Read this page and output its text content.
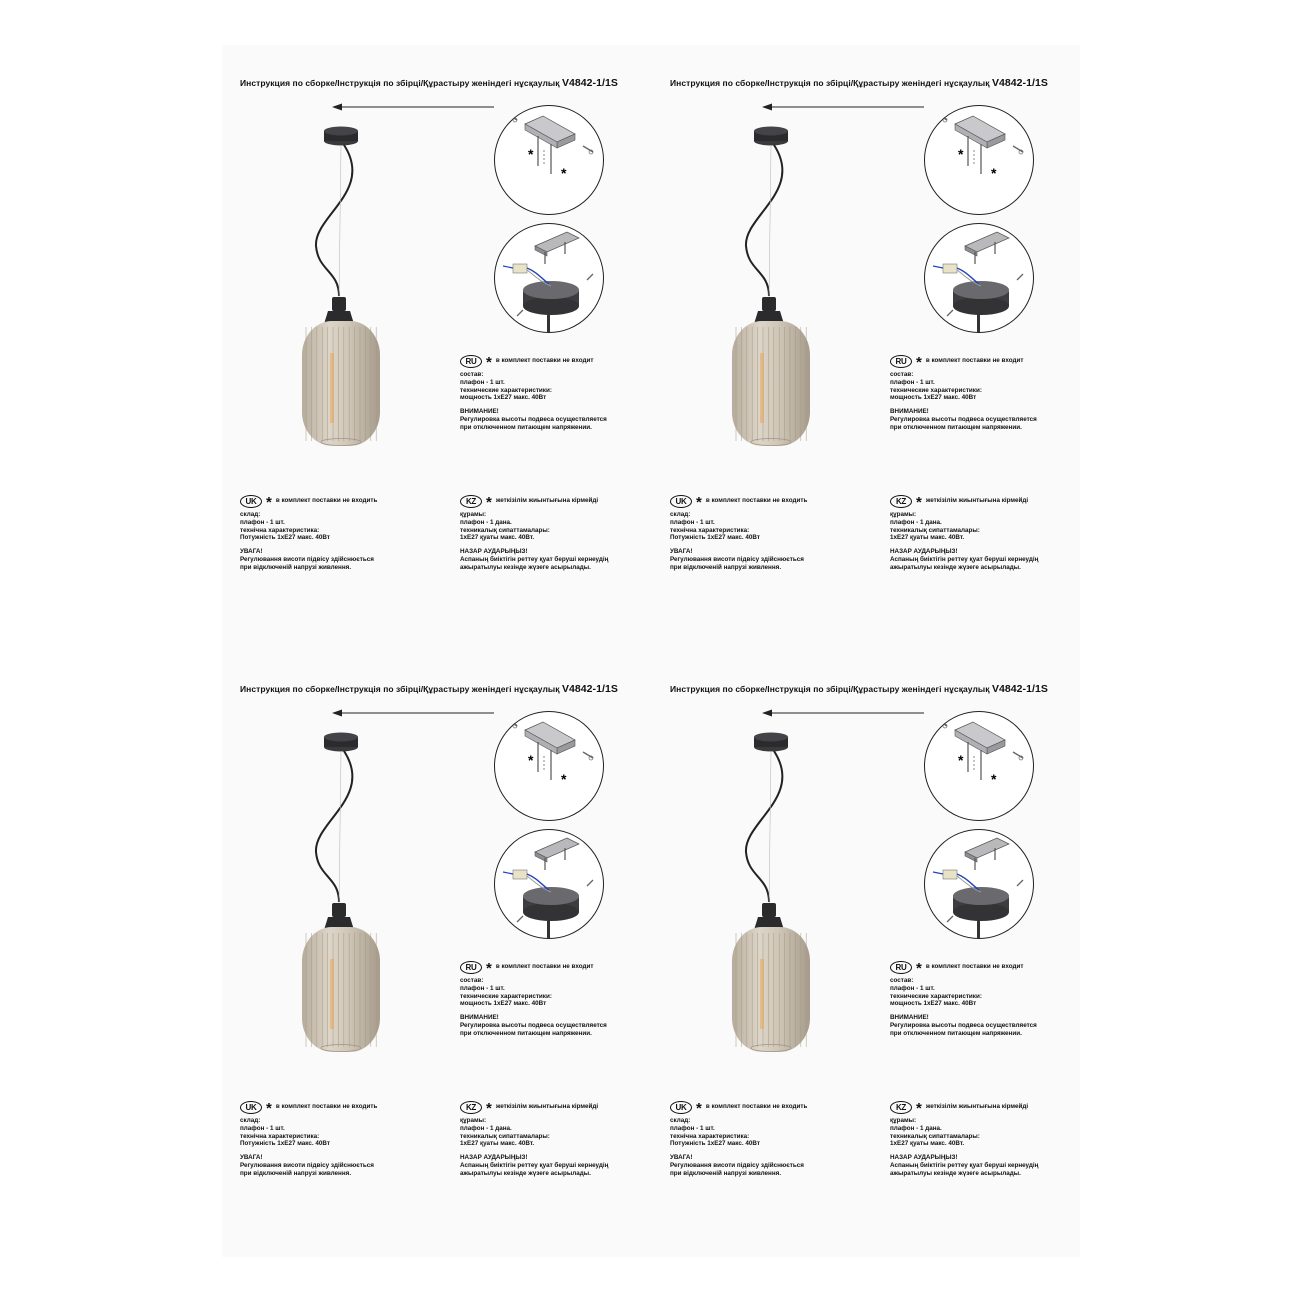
Инструкция по сборке/Інструкція по збірці/Құрастыру женіндегі нұсқаулық V4842-1/1S
*
*
RU * в комплект поставки не входит
состав:
плафон - 1 шт.
технические характеристики:
мощность 1хЕ27 макс. 40Вт
ВНИМАНИЕ!
Регулировка высоты подвеса осуществляется
при отключенном питающем напряжении.
UK * в комплект поставки не входить
склад:
плафон - 1 шт.
технічна характеристика:
Потужність 1хЕ27 макс. 40Вт
УВАГА!
Регулювання висоти підвісу здійснюється
при відключеній напрузі живлення.
KZ * жеткізілім жиынтығына кірмейді
құрамы:
плафон - 1 дана.
техникалық сипаттамалары:
1хЕ27 қуаты макс. 40Вт.
НАЗАР АУДАРЫҢЫЗ!
Аспаның биіктігін реттеу қуат беруші кернеудің
ажыратылуы кезінде жүзеге асырылады.
Инструкция по сборке/Інструкція по збірці/Құрастыру женіндегі нұсқаулық V4842-1/1S
*
*
RU * в комплект поставки не входит
состав:
плафон - 1 шт.
технические характеристики:
мощность 1хЕ27 макс. 40Вт
ВНИМАНИЕ!
Регулировка высоты подвеса осуществляется
при отключенном питающем напряжении.
UK * в комплект поставки не входить
склад:
плафон - 1 шт.
технічна характеристика:
Потужність 1хЕ27 макс. 40Вт
УВАГА!
Регулювання висоти підвісу здійснюється
при відключеній напрузі живлення.
KZ * жеткізілім жиынтығына кірмейді
құрамы:
плафон - 1 дана.
техникалық сипаттамалары:
1хЕ27 қуаты макс. 40Вт.
НАЗАР АУДАРЫҢЫЗ!
Аспаның биіктігін реттеу қуат беруші кернеудің
ажыратылуы кезінде жүзеге асырылады.
Инструкция по сборке/Інструкція по збірці/Құрастыру женіндегі нұсқаулық V4842-1/1S
*
*
RU * в комплект поставки не входит
состав:
плафон - 1 шт.
технические характеристики:
мощность 1хЕ27 макс. 40Вт
ВНИМАНИЕ!
Регулировка высоты подвеса осуществляется
при отключенном питающем напряжении.
UK * в комплект поставки не входить
склад:
плафон - 1 шт.
технічна характеристика:
Потужність 1хЕ27 макс. 40Вт
УВАГА!
Регулювання висоти підвісу здійснюється
при відключеній напрузі живлення.
KZ * жеткізілім жиынтығына кірмейді
құрамы:
плафон - 1 дана.
техникалық сипаттамалары:
1хЕ27 қуаты макс. 40Вт.
НАЗАР АУДАРЫҢЫЗ!
Аспаның биіктігін реттеу қуат беруші кернеудің
ажыратылуы кезінде жүзеге асырылады.
Инструкция по сборке/Інструкція по збірці/Құрастыру женіндегі нұсқаулық V4842-1/1S
*
*
RU * в комплект поставки не входит
состав:
плафон - 1 шт.
технические характеристики:
мощность 1хЕ27 макс. 40Вт
ВНИМАНИЕ!
Регулировка высоты подвеса осуществляется
при отключенном питающем напряжении.
UK * в комплект поставки не входить
склад:
плафон - 1 шт.
технічна характеристика:
Потужність 1хЕ27 макс. 40Вт
УВАГА!
Регулювання висоти підвісу здійснюється
при відключеній напрузі живлення.
KZ * жеткізілім жиынтығына кірмейді
құрамы:
плафон - 1 дана.
техникалық сипаттамалары:
1хЕ27 қуаты макс. 40Вт.
НАЗАР АУДАРЫҢЫЗ!
Аспаның биіктігін реттеу қуат беруші кернеудің
ажыратылуы кезінде жүзеге асырылады.
